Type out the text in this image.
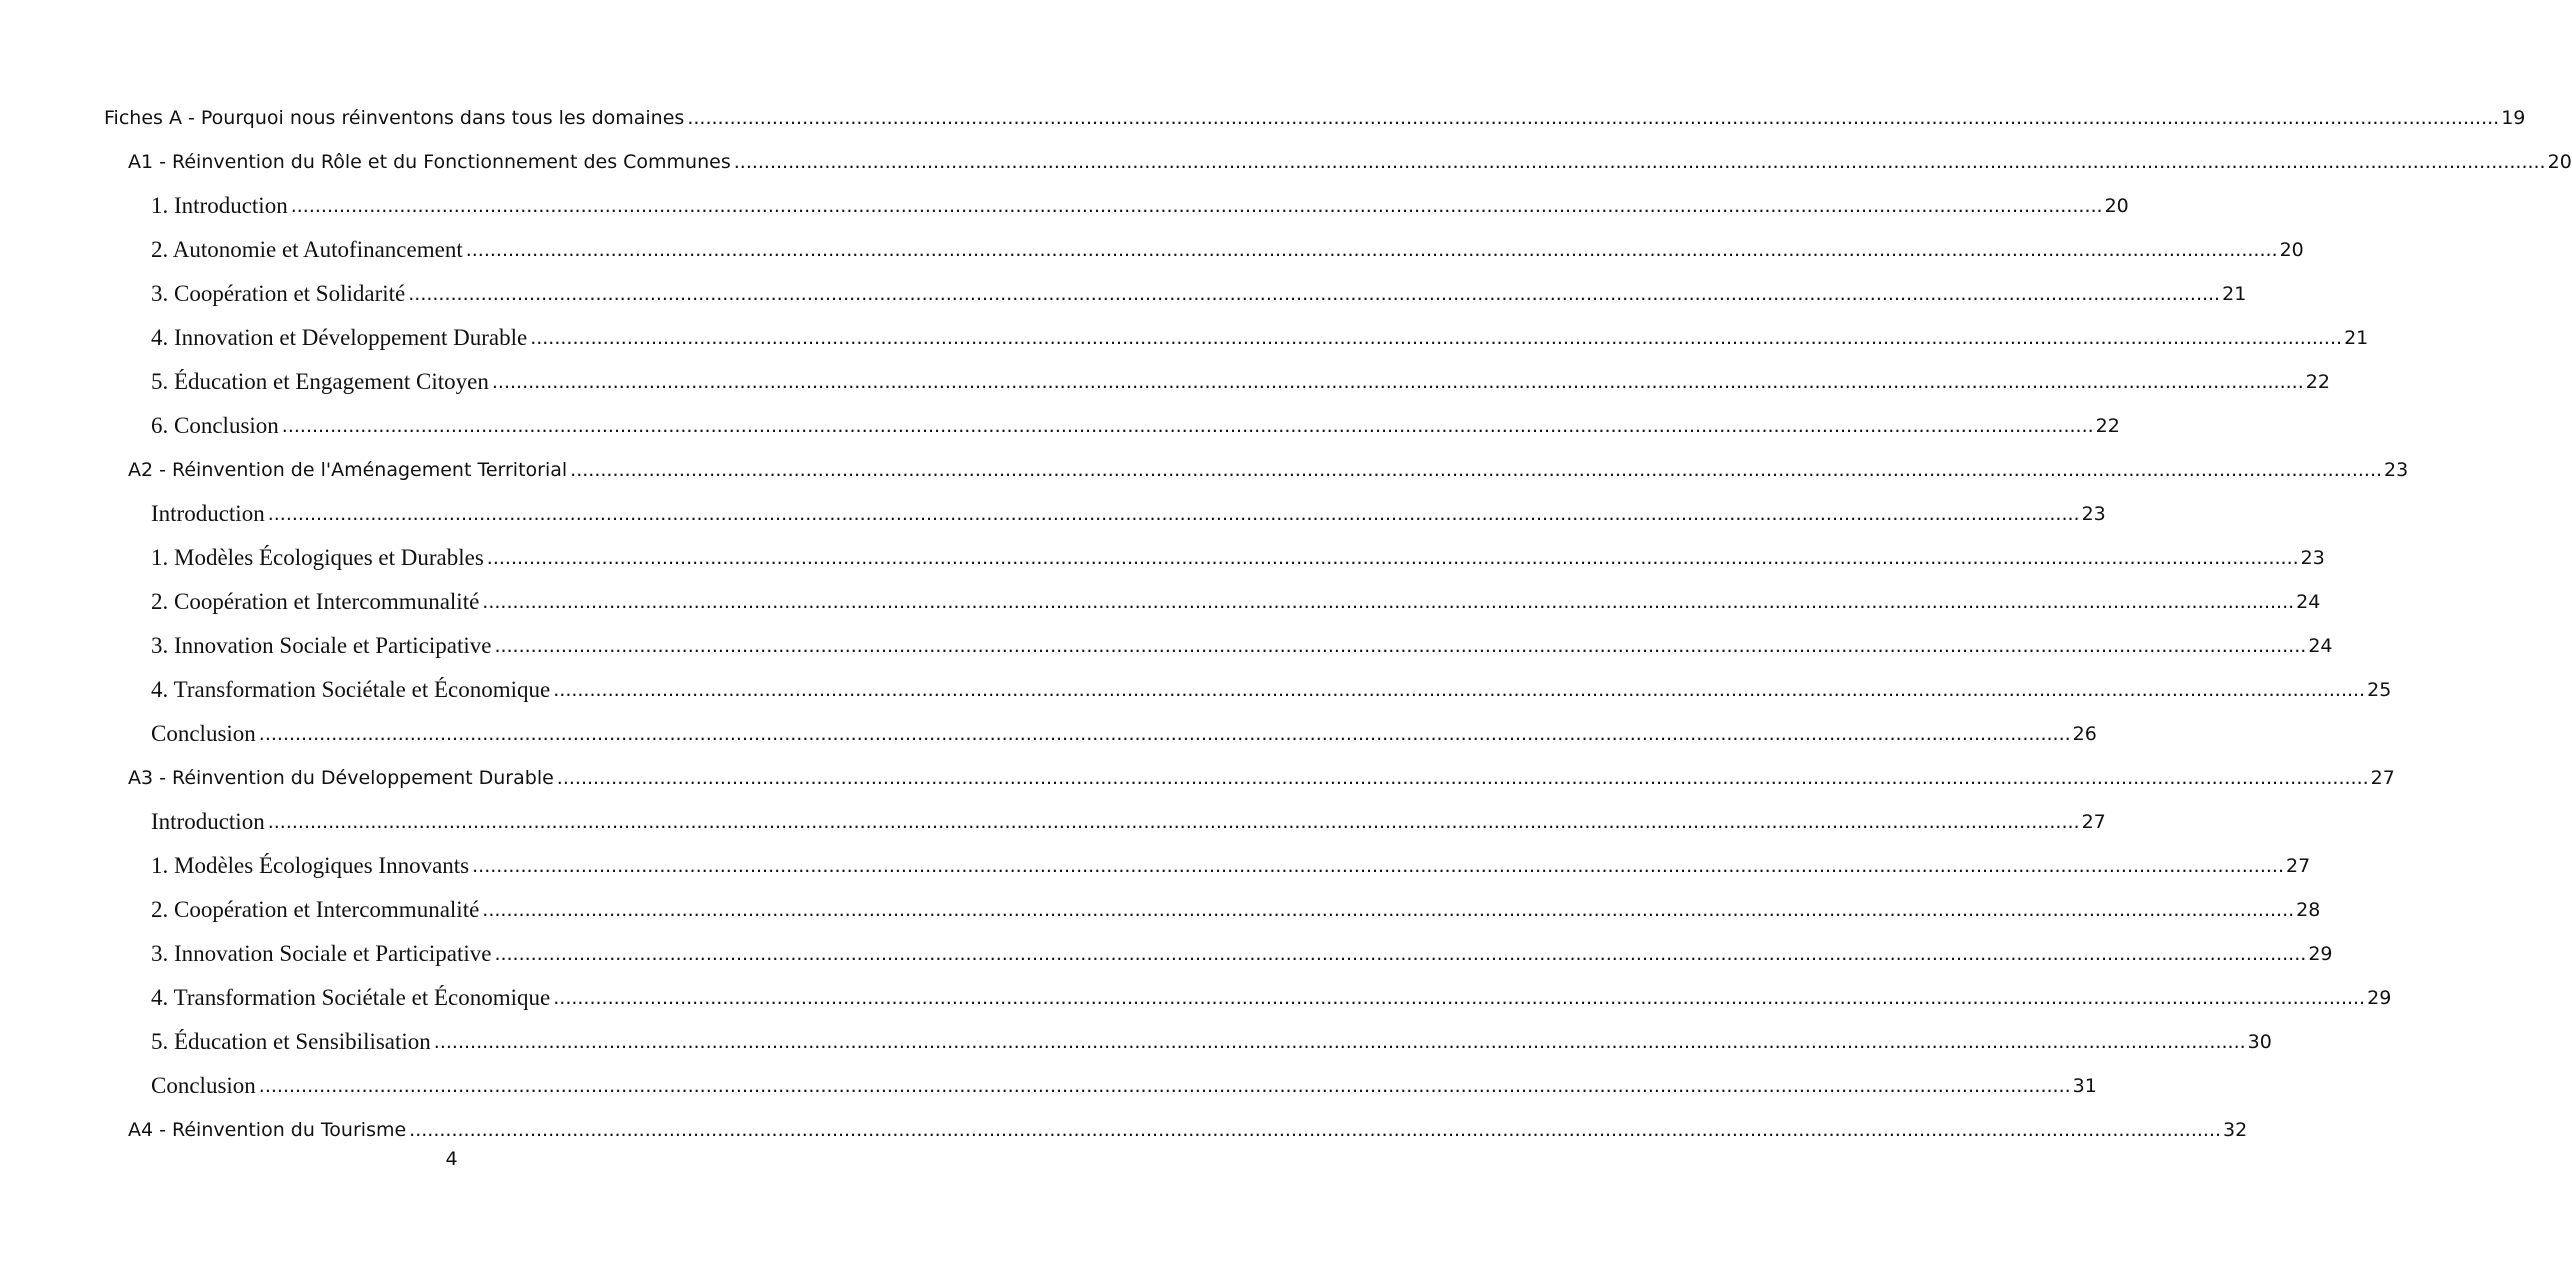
Fiches A - Pourquoi nous réinventons dans tous les domaines ............................................................................................................................................................................................................................................................................................................ 19
A1 - Réinvention du Rôle et du Fonctionnement des Communes ............................................................................................................................................................................................................................................................................................................ 20
1. Introduction ............................................................................................................................................................................................................................................................................................................ 20
2. Autonomie et Autofinancement ............................................................................................................................................................................................................................................................................................................ 20
3. Coopération et Solidarité ............................................................................................................................................................................................................................................................................................................ 21
4. Innovation et Développement Durable ............................................................................................................................................................................................................................................................................................................ 21
5. Éducation et Engagement Citoyen ............................................................................................................................................................................................................................................................................................................ 22
6. Conclusion ............................................................................................................................................................................................................................................................................................................ 22
A2 - Réinvention de l'Aménagement Territorial ............................................................................................................................................................................................................................................................................................................ 23
Introduction ............................................................................................................................................................................................................................................................................................................ 23
1. Modèles Écologiques et Durables ............................................................................................................................................................................................................................................................................................................ 23
2. Coopération et Intercommunalité ............................................................................................................................................................................................................................................................................................................ 24
3. Innovation Sociale et Participative ............................................................................................................................................................................................................................................................................................................ 24
4. Transformation Sociétale et Économique ............................................................................................................................................................................................................................................................................................................ 25
Conclusion ............................................................................................................................................................................................................................................................................................................ 26
A3 - Réinvention du Développement Durable ............................................................................................................................................................................................................................................................................................................ 27
Introduction ............................................................................................................................................................................................................................................................................................................ 27
1. Modèles Écologiques Innovants ............................................................................................................................................................................................................................................................................................................ 27
2. Coopération et Intercommunalité ............................................................................................................................................................................................................................................................................................................ 28
3. Innovation Sociale et Participative ............................................................................................................................................................................................................................................................................................................ 29
4. Transformation Sociétale et Économique ............................................................................................................................................................................................................................................................................................................ 29
5. Éducation et Sensibilisation ............................................................................................................................................................................................................................................................................................................ 30
Conclusion ............................................................................................................................................................................................................................................................................................................ 31
A4 - Réinvention du Tourisme ............................................................................................................................................................................................................................................................................................................ 32
4
